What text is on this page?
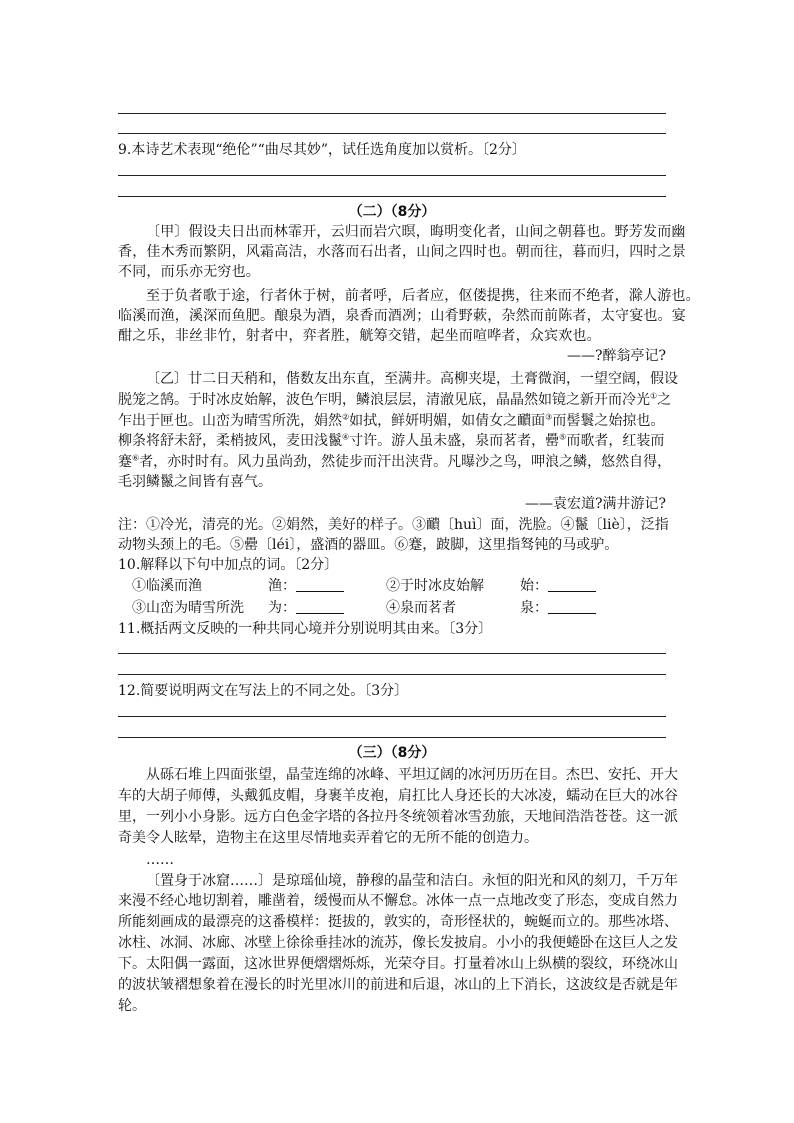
9.本诗艺术表现“绝伦”“曲尽其妙”，试任选角度加以赏析。〔2分〕
（二）（8分）
〔甲〕假设夫日出而林霏开，云归而岩穴暝，晦明变化者，山间之朝暮也。野芳发而幽
香，佳木秀而繁阴，风霜高洁，水落而石出者，山间之四时也。朝而往，暮而归，四时之景
不同，而乐亦无穷也。
至于负者歌于途，行者休于树，前者呼，后者应，伛偻提携，往来而不绝者，滁人游也。
临溪而渔，溪深而鱼肥。酿泉为酒，泉香而酒冽；山肴野蔌，杂然而前陈者，太守宴也。宴
酣之乐，非丝非竹，射者中，弈者胜，觥筹交错，起坐而喧哗者，众宾欢也。
——?醉翁亭记?
〔乙〕廿二日天稍和，偕数友出东直，至满井。高柳夹堤，土膏微润，一望空阔，假设
脱笼之鹄。于时冰皮始解，波色乍明，鳞浪层层，清澈见底，晶晶然如镜之新开而冷光①之
乍出于匣也。山峦为晴雪所洗，娟然②如拭，鲜妍明媚，如倩女之靧面③而髻鬟之始掠也。
柳条将舒未舒，柔梢披风，麦田浅鬣④寸许。游人虽未盛，泉而茗者，罍⑤而歌者，红装而
蹇⑥者，亦时时有。风力虽尚劲，然徒步而汗出浃背。凡曝沙之鸟，呷浪之鳞，悠然自得，
毛羽鳞鬣之间皆有喜气。
——袁宏道?满井游记?
注：①冷光，清亮的光。②娟然，美好的样子。③靧〔huì〕面，洗脸。④鬣〔liè〕，泛指
动物头颈上的毛。⑤罍〔léi〕，盛酒的器皿。⑥蹇，跛脚，这里指驽钝的马或驴。
10.解释以下句中加点的词。〔2分〕
①临溪而渔	渔：	②于时冰皮始解	始：
③山峦为晴雪所洗	为：	④泉而茗者	泉：
11.概括两文反映的一种共同心境并分别说明其由来。〔3分〕
12.简要说明两文在写法上的不同之处。〔3分〕
（三）（8分）
从砾石堆上四面张望，晶莹连绵的冰峰、平坦辽阔的冰河历历在目。杰巴、安托、开大
车的大胡子师傅，头戴狐皮帽，身裹羊皮袍，肩扛比人身还长的大冰凌，蠕动在巨大的冰谷
里，一列小小身影。远方白色金字塔的各拉丹冬统领着冰雪劲旅，天地间浩浩苍苍。这一派
奇美令人眩晕，造物主在这里尽情地卖弄着它的无所不能的创造力。
……
〔置身于冰窟……〕是琼瑶仙境，静穆的晶莹和洁白。永恒的阳光和风的刻刀，千万年
来漫不经心地切割着，雕凿着，缓慢而从不懈怠。冰体一点一点地改变了形态，变成自然力
所能刻画成的最漂亮的这番模样：挺拔的，敦实的，奇形怪状的，蜿蜒而立的。那些冰塔、
冰柱、冰洞、冰廊、冰壁上徐徐垂挂冰的流苏，像长发披肩。小小的我便蜷卧在这巨人之发
下。太阳偶一露面，这冰世界便熠熠烁烁，光荣夺目。打量着冰山上纵横的裂纹，环绕冰山
的波状皱褶想象着在漫长的时光里冰川的前进和后退，冰山的上下消长，这波纹是否就是年
轮。
